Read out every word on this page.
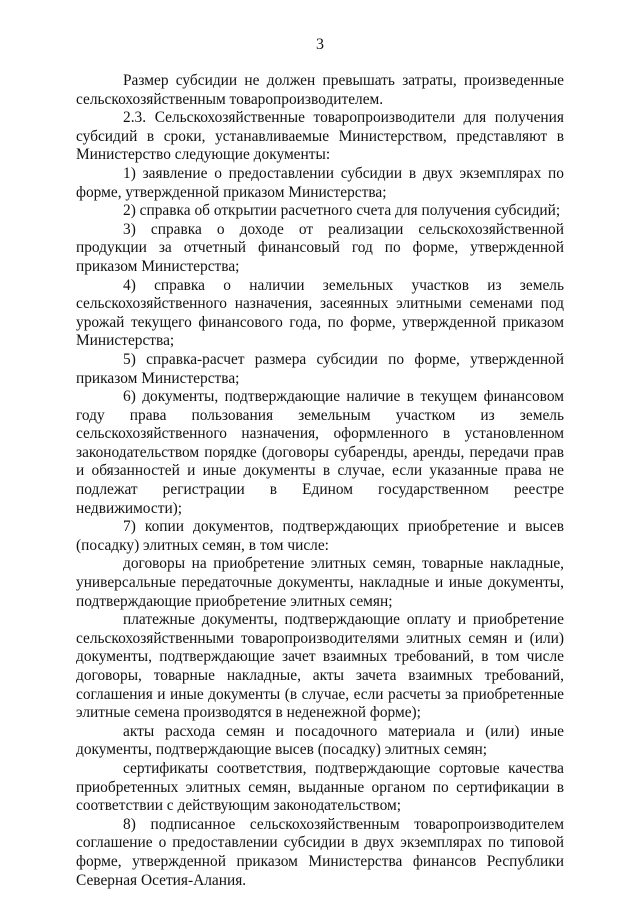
3

Размер субсидии не должен превышать затраты, произведенные сельскохозяйственным товаропроизводителем.

2.3. Сельскохозяйственные товаропроизводители для получения субсидий в сроки, устанавливаемые Министерством, представляют в Министерство следующие документы:

1) заявление о предоставлении субсидии в двух экземплярах по форме, утвержденной приказом Министерства;

2) справка об открытии расчетного счета для получения субсидий;

3) справка о доходе от реализации сельскохозяйственной продукции за отчетный финансовый год по форме, утвержденной приказом Министерства;

4) справка о наличии земельных участков из земель сельскохозяйственного назначения, засеянных элитными семенами под урожай текущего финансового года, по форме, утвержденной приказом Министерства;

5) справка-расчет размера субсидии по форме, утвержденной приказом Министерства;

6) документы, подтверждающие наличие в текущем финансовом году права пользования земельным участком из земель сельскохозяйственного назначения, оформленного в установленном законодательством порядке (договоры субаренды, аренды, передачи прав и обязанностей и иные документы в случае, если указанные права не подлежат регистрации в Едином государственном реестре недвижимости);

7) копии документов, подтверждающих приобретение и высев (посадку) элитных семян, в том числе:

договоры на приобретение элитных семян, товарные накладные, универсальные передаточные документы, накладные и иные документы, подтверждающие приобретение элитных семян;

платежные документы, подтверждающие оплату и приобретение сельскохозяйственными товаропроизводителями элитных семян и (или) документы, подтверждающие зачет взаимных требований, в том числе договоры, товарные накладные, акты зачета взаимных требований, соглашения и иные документы (в случае, если расчеты за приобретенные элитные семена производятся в неденежной форме);

акты расхода семян и посадочного материала и (или) иные документы, подтверждающие высев (посадку) элитных семян;

сертификаты соответствия, подтверждающие сортовые качества приобретенных элитных семян, выданные органом по сертификации в соответствии с действующим законодательством;

8) подписанное сельскохозяйственным товаропроизводителем соглашение о предоставлении субсидии в двух экземплярах по типовой форме, утвержденной приказом Министерства финансов Республики Северная Осетия-Алания.
